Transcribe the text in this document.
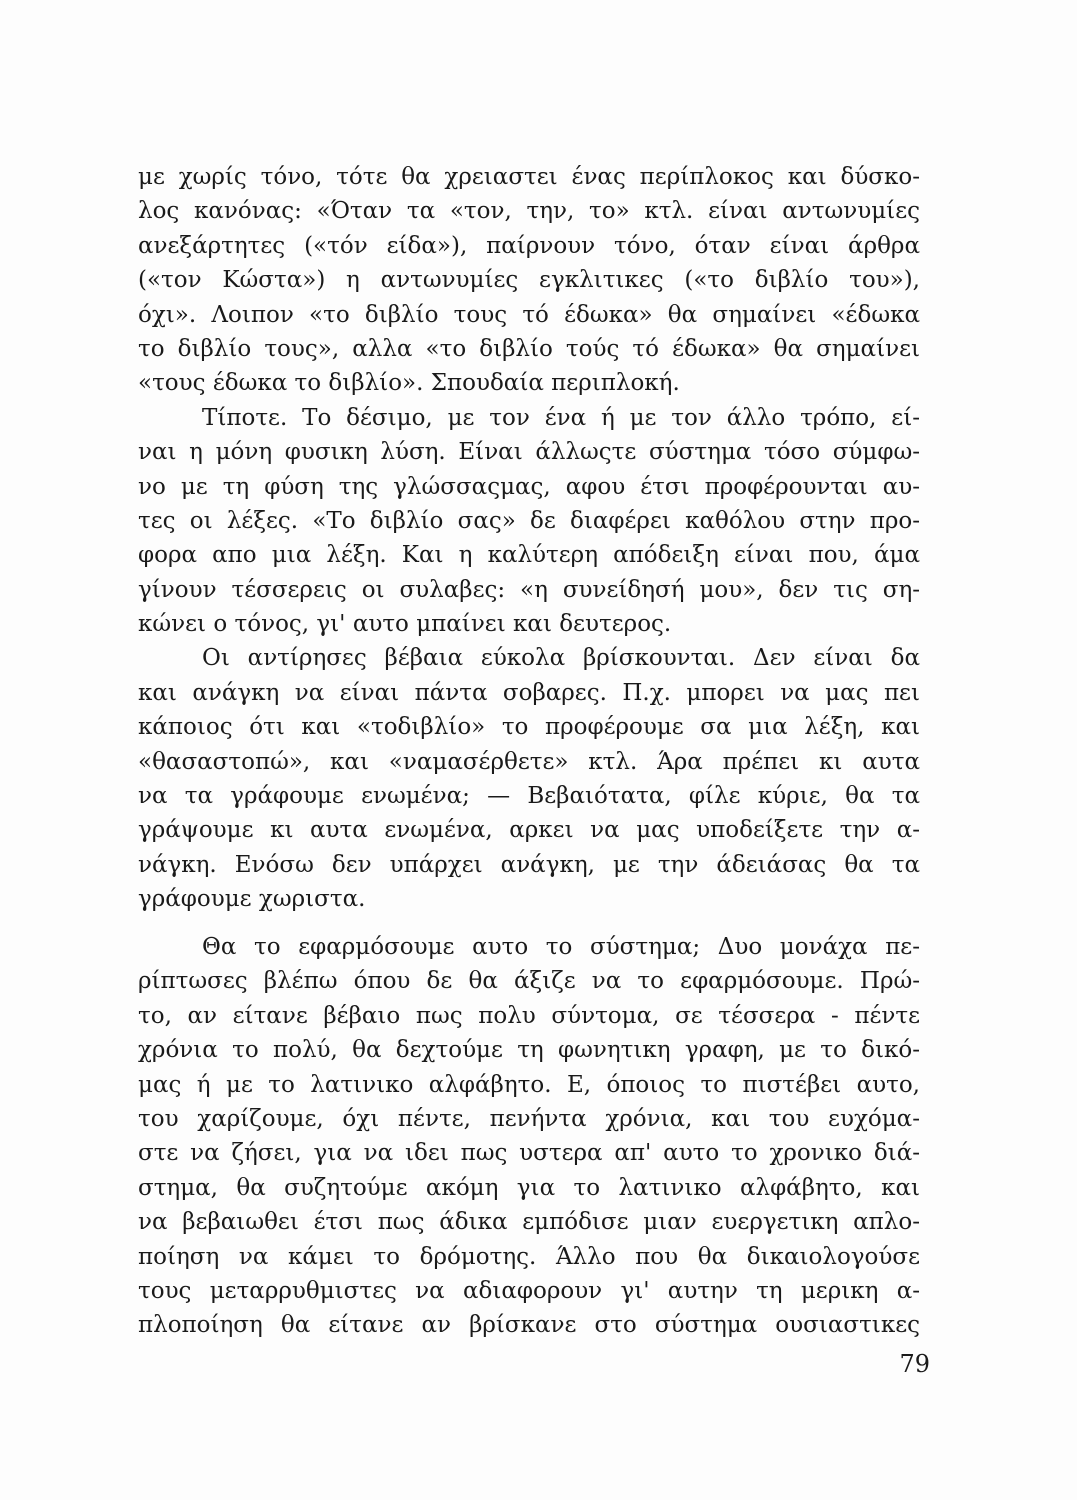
με χωρίς τόνο, τότε θα χρειαστει ένας περίπλοκος και δύσκο-
λος κανόνας: «Όταν τα «τον, την, το» κτλ. είναι αντωνυμίες
ανεξάρτητες («τόν είδα»), παίρνουν τόνο, όταν είναι άρθρα
(«τον Κώστα») η αντωνυμίες εγκλιτικες («το διβλίο του»),
όχι». Λοιπον «το διβλίο τους τό έδωκα» θα σημαίνει «έδωκα
το διβλίο τους», αλλα «το διβλίο τούς τό έδωκα» θα σημαίνει
«τους έδωκα το διβλίο». Σπουδαία περιπλοκή.
Τίποτε. Το δέσιμο, με τον ένα ή με τον άλλο τρόπο, εί-
ναι η μόνη φυσικη λύση. Είναι άλλωςτε σύστημα τόσο σύμφω-
νο με τη φύση της γλώσσαςμας, αφου έτσι προφέρουνται αυ-
τες οι λέξες. «Το διβλίο σας» δε διαφέρει καθόλου στην προ-
φορα απο μια λέξη. Και η καλύτερη απόδειξη είναι που, άμα
γίνουν τέσσερεις οι συλαβες: «η συνείδησή μου», δεν τις ση-
κώνει ο τόνος, γι' αυτο μπαίνει και δευτερος.
Οι αντίρησες βέβαια εύκολα βρίσκουνται. Δεν είναι δα
και ανάγκη να είναι πάντα σοβαρες. Π.χ. μπορει να μας πει
κάποιος ότι και «τοδιβλίο» το προφέρουμε σα μια λέξη, και
«θασαστοπώ», και «ναμασέρθετε» κτλ. Άρα πρέπει κι αυτα
να τα γράφουμε ενωμένα; — Βεβαιότατα, φίλε κύριε, θα τα
γράψουμε κι αυτα ενωμένα, αρκει να μας υποδείξετε την α-
νάγκη. Ενόσω δεν υπάρχει ανάγκη, με την άδειάσας θα τα
γράφουμε χωριστα.
Θα το εφαρμόσουμε αυτο το σύστημα; Δυο μονάχα πε-
ρίπτωσες βλέπω όπου δε θα άξιζε να το εφαρμόσουμε. Πρώ-
το, αν είτανε βέβαιο πως πολυ σύντομα, σε τέσσερα - πέντε
χρόνια το πολύ, θα δεχτούμε τη φωνητικη γραφη, με το δικό-
μας ή με το λατινικο αλφάβητο. Ε, όποιος το πιστέβει αυτο,
του χαρίζουμε, όχι πέντε, πενήντα χρόνια, και του ευχόμα-
στε να ζήσει, για να ιδει πως υστερα απ' αυτο το χρονικο διά-
στημα, θα συζητούμε ακόμη για το λατινικο αλφάβητο, και
να βεβαιωθει έτσι πως άδικα εμπόδισε μιαν ευεργετικη απλο-
ποίηση να κάμει το δρόμοτης. Άλλο που θα δικαιολογούσε
τους μεταρρυθμιστες να αδιαφορουν γι' αυτην τη μερικη α-
πλοποίηση θα είτανε αν βρίσκανε στο σύστημα ουσιαστικες
79
